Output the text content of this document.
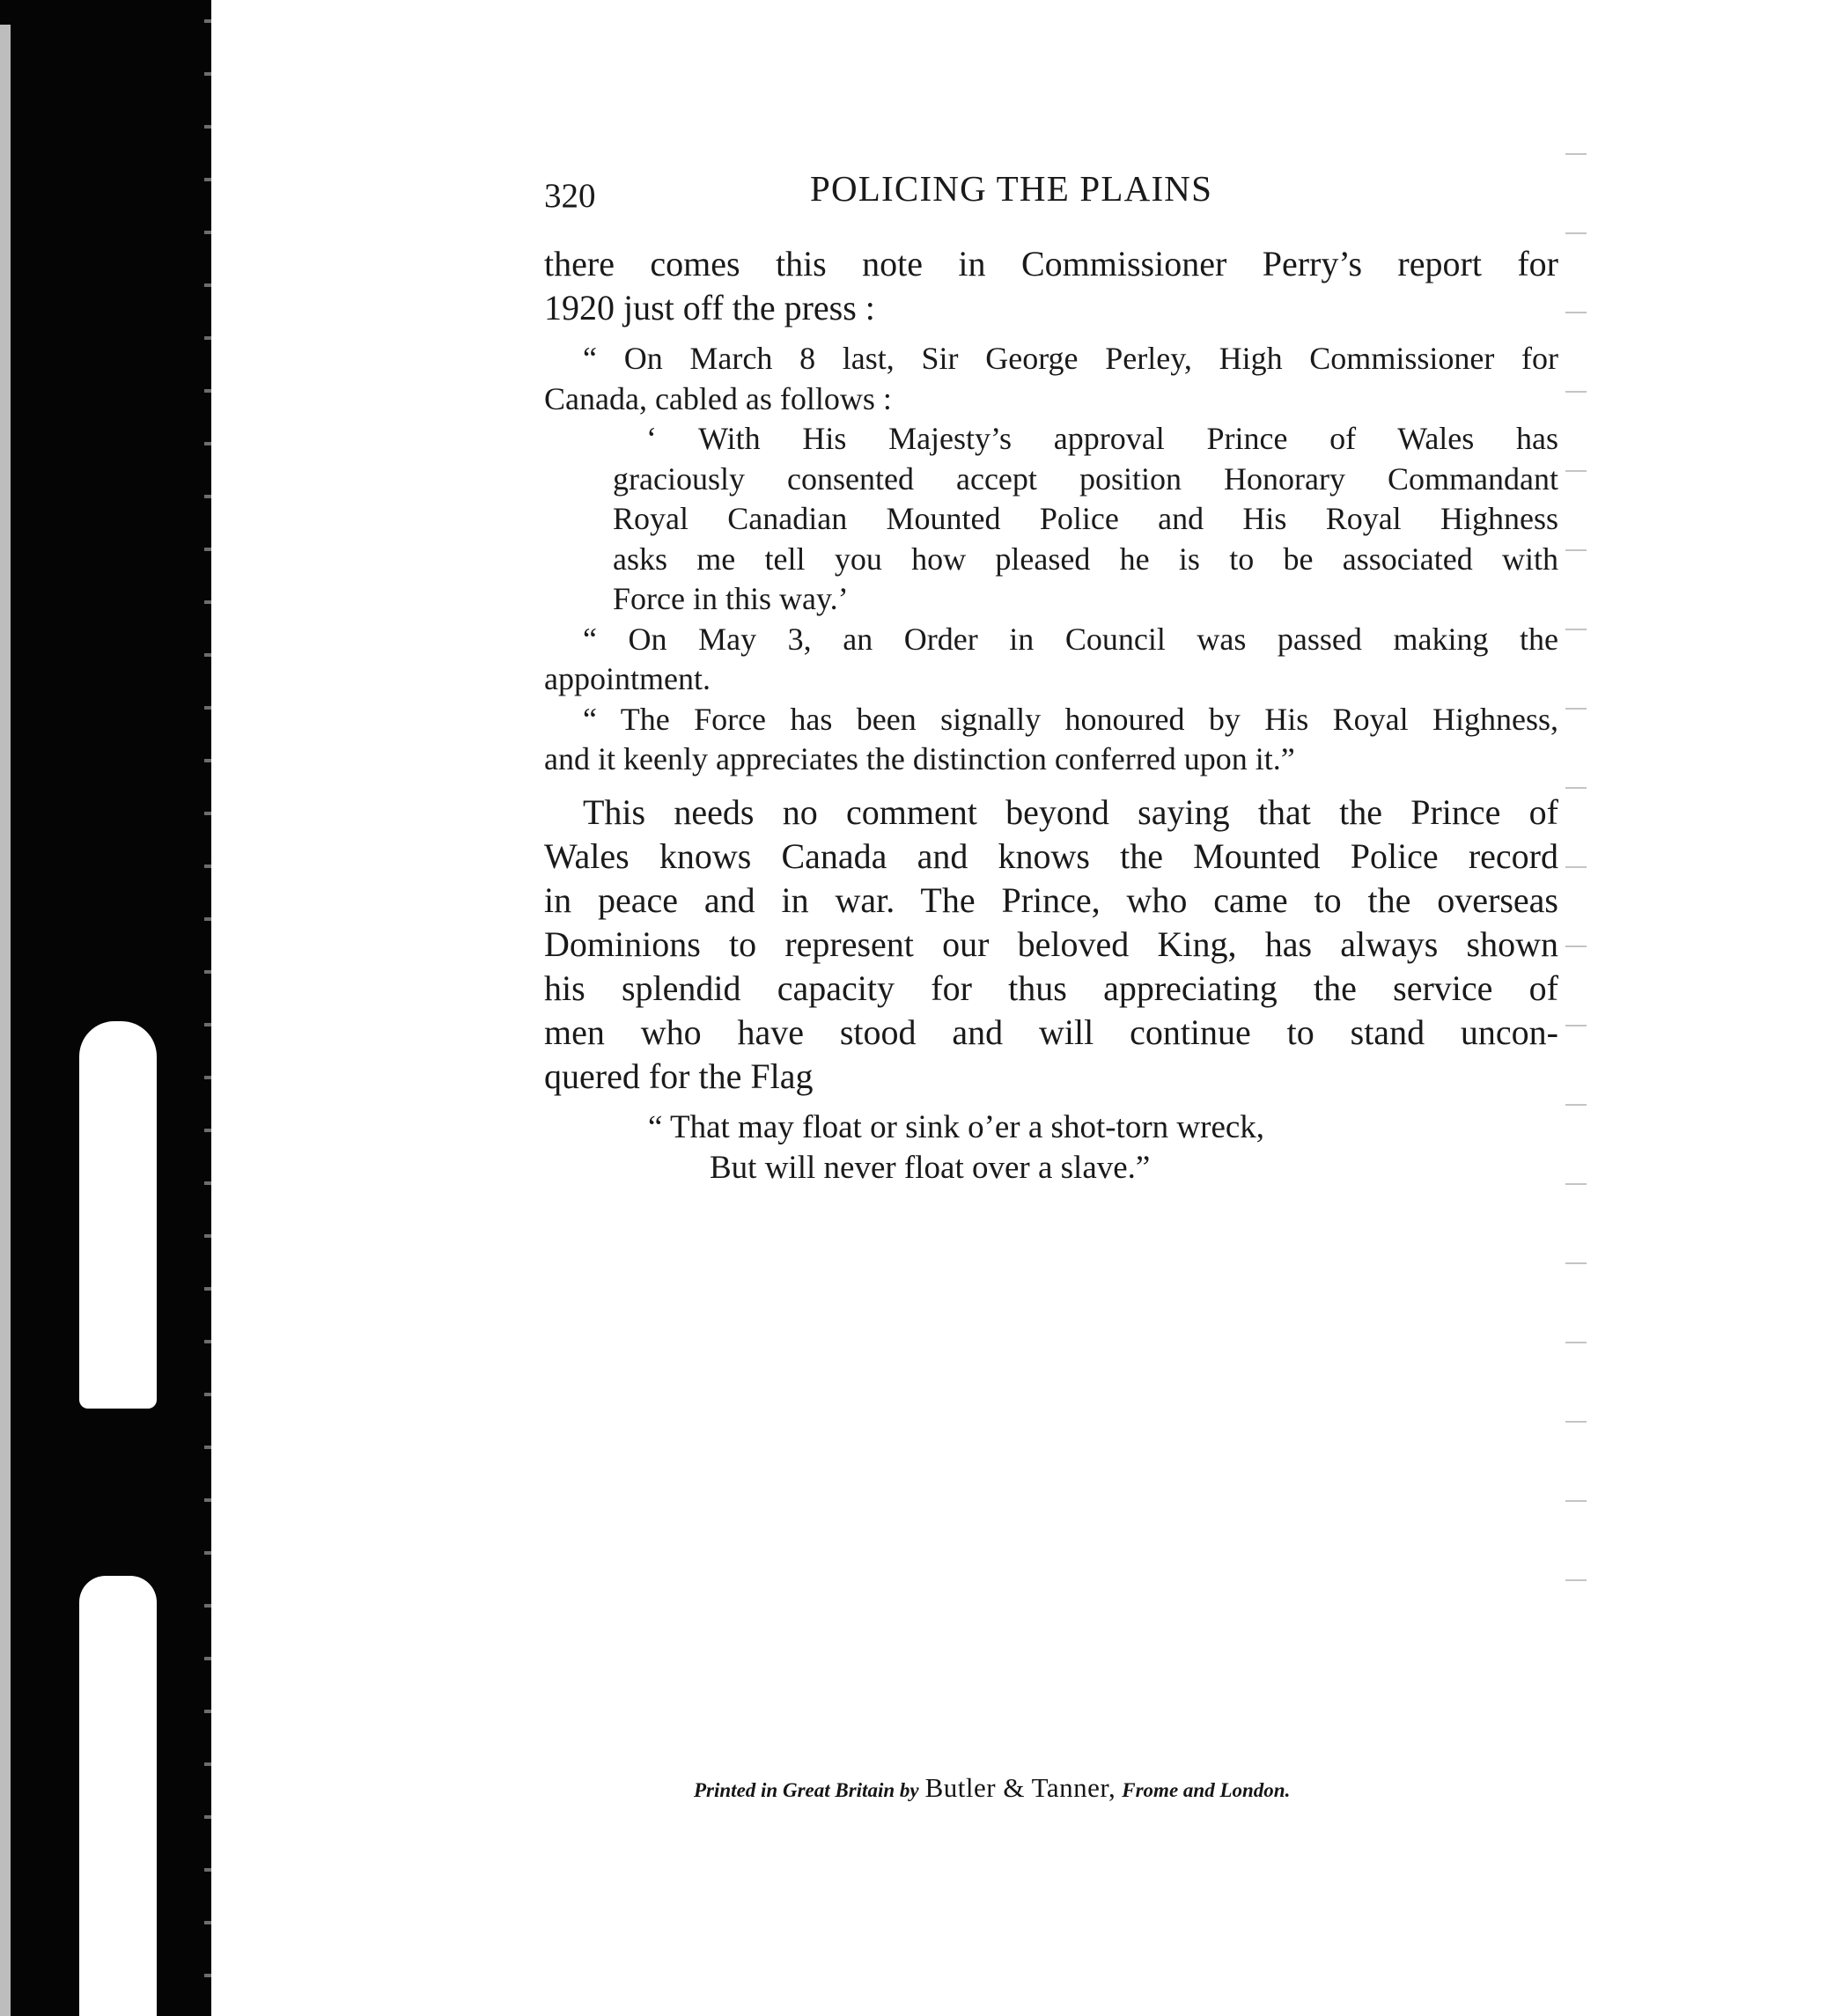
320	POLICING THE PLAINS
there comes this note in Commissioner Perry’s report for
1920 just off the press :
“ On March 8 last, Sir George Perley, High Commissioner for
Canada, cabled as follows :
‘ With His Majesty’s approval Prince of Wales has
graciously consented accept position Honorary Commandant
Royal Canadian Mounted Police and His Royal Highness
asks me tell you how pleased he is to be associated with
Force in this way.’
“ On May 3, an Order in Council was passed making the
appointment.
“ The Force has been signally honoured by His Royal Highness,
and it keenly appreciates the distinction conferred upon it.”
This needs no comment beyond saying that the Prince of
Wales knows Canada and knows the Mounted Police record
in peace and in war. The Prince, who came to the overseas
Dominions to represent our beloved King, has always shown
his splendid capacity for thus appreciating the service of
men who have stood and will continue to stand uncon-
quered for the Flag
“ That may float or sink o’er a shot-torn wreck,
But will never float over a slave.”
Printed in Great Britain by Butler & Tanner, Frome and London.
